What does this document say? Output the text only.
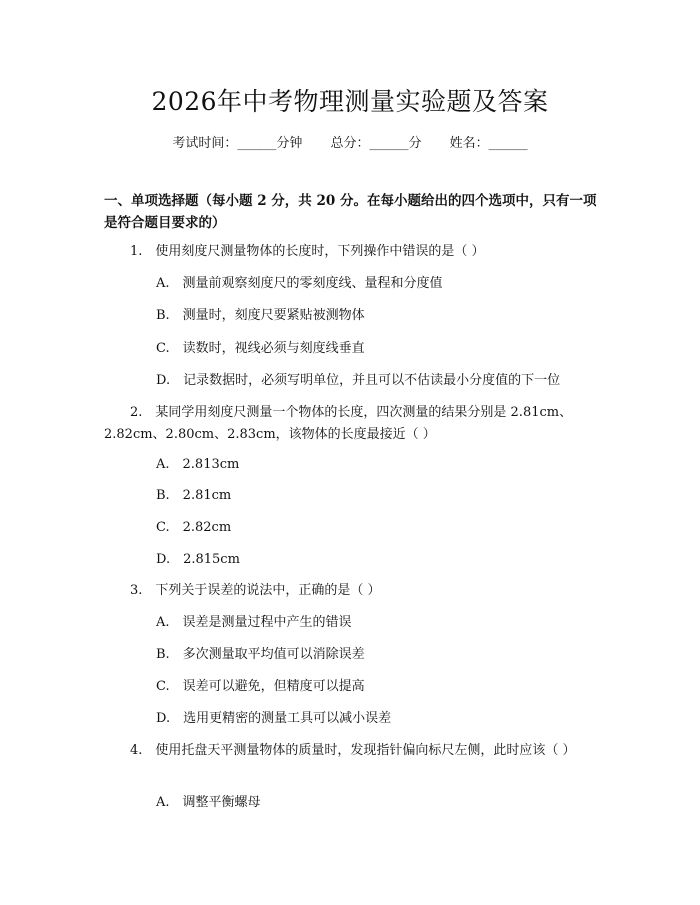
2026年中考物理测量实验题及答案
考试时间：______分钟 总分：______分 姓名：______
一、单项选择题（每小题 2 分，共 20 分。在每小题给出的四个选项中，只有一项是符合题目要求的）
1.　使用刻度尺测量物体的长度时，下列操作中错误的是（ ）
A.　测量前观察刻度尺的零刻度线、量程和分度值
B.　测量时，刻度尺要紧贴被测物体
C.　读数时，视线必须与刻度线垂直
D.　记录数据时，必须写明单位，并且可以不估读最小分度值的下一位
2.　某同学用刻度尺测量一个物体的长度，四次测量的结果分别是 2.81cm、2.82cm、2.80cm、2.83cm，该物体的长度最接近（ ）
A.　2.813cm
B.　2.81cm
C.　2.82cm
D.　2.815cm
3.　下列关于误差的说法中，正确的是（ ）
A.　误差是测量过程中产生的错误
B.　多次测量取平均值可以消除误差
C.　误差可以避免，但精度可以提高
D.　选用更精密的测量工具可以减小误差
4.　使用托盘天平测量物体的质量时，发现指针偏向标尺左侧，此时应该（ ）
A.　调整平衡螺母
